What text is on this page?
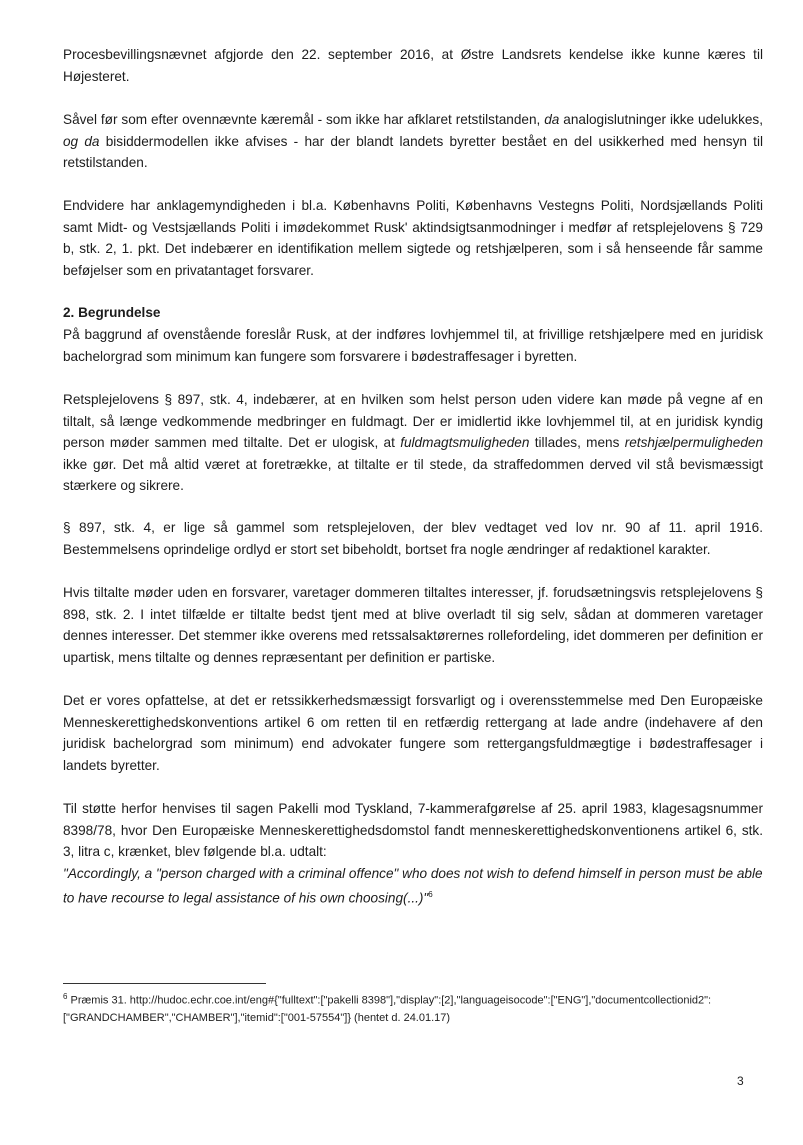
Procesbevillingsnævnet afgjorde den 22. september 2016, at Østre Landsrets kendelse ikke kunne kæres til Højesteret.

Såvel før som efter ovennævnte kæremål - som ikke har afklaret retstilstanden, da analogislutninger ikke udelukkes, og da bisiddermodellen ikke afvises - har der blandt landets byretter bestået en del usikkerhed med hensyn til retstilstanden.

Endvidere har anklagemyndigheden i bl.a. Københavns Politi, Københavns Vestegns Politi, Nordsjællands Politi samt Midt- og Vestsjællands Politi i imødekommet Rusk' aktindsigtsanmodninger i medfør af retsplejelovens § 729 b, stk. 2, 1. pkt. Det indebærer en identifikation mellem sigtede og retshjælperen, som i så henseende får samme beføjelser som en privatantaget forsvarer.

2. Begrundelse

På baggrund af ovenstående foreslår Rusk, at der indføres lovhjemmel til, at frivillige retshjælpere med en juridisk bachelorgrad som minimum kan fungere som forsvarere i bødestraffesager i byretten.

Retsplejelovens § 897, stk. 4, indebærer, at en hvilken som helst person uden videre kan møde på vegne af en tiltalt, så længe vedkommende medbringer en fuldmagt. Der er imidlertid ikke lovhjemmel til, at en juridisk kyndig person møder sammen med tiltalte. Det er ulogisk, at fuldmagtsmuligheden tillades, mens retshjælpermuligheden ikke gør. Det må altid været at foretrække, at tiltalte er til stede, da straffedommen derved vil stå bevismæssigt stærkere og sikrere.

§ 897, stk. 4, er lige så gammel som retsplejeloven, der blev vedtaget ved lov nr. 90 af 11. april 1916. Bestemmelsens oprindelige ordlyd er stort set bibeholdt, bortset fra nogle ændringer af redaktionel karakter.

Hvis tiltalte møder uden en forsvarer, varetager dommeren tiltaltes interesser, jf. forudsætningsvis retsplejelovens § 898, stk. 2. I intet tilfælde er tiltalte bedst tjent med at blive overladt til sig selv, sådan at dommeren varetager dennes interesser. Det stemmer ikke overens med retssalsaktørernes rollefordeling, idet dommeren per definition er upartisk, mens tiltalte og dennes repræsentant per definition er partiske.

Det er vores opfattelse, at det er retssikkerhedsmæssigt forsvarligt og i overensstemmelse med Den Europæiske Menneskerettighedskonventions artikel 6 om retten til en retfærdig rettergang at lade andre (indehavere af den juridisk bachelorgrad som minimum) end advokater fungere som rettergangsfuldmægtige i bødestraffesager i landets byretter.

Til støtte herfor henvises til sagen Pakelli mod Tyskland, 7-kammerafgørelse af 25. april 1983, klagesagsnummer 8398/78, hvor Den Europæiske Menneskerettighedsdomstol fandt menneskerettighedskonventionens artikel 6, stk. 3, litra c, krænket, blev følgende bl.a. udtalt:

"Accordingly, a "person charged with a criminal offence" who does not wish to defend himself in person must be able to have recourse to legal assistance of his own choosing(...)"$^6$

$^6$ Præmis 31. http://hudoc.echr.coe.int/eng#{"fulltext":["pakelli 8398"],"display":[2],"languageisocode":["ENG"],"documentcollectionid2":["GRANDCHAMBER","CHAMBER"],"itemid":["001-57554"]} (hentet d. 24.01.17)
3
